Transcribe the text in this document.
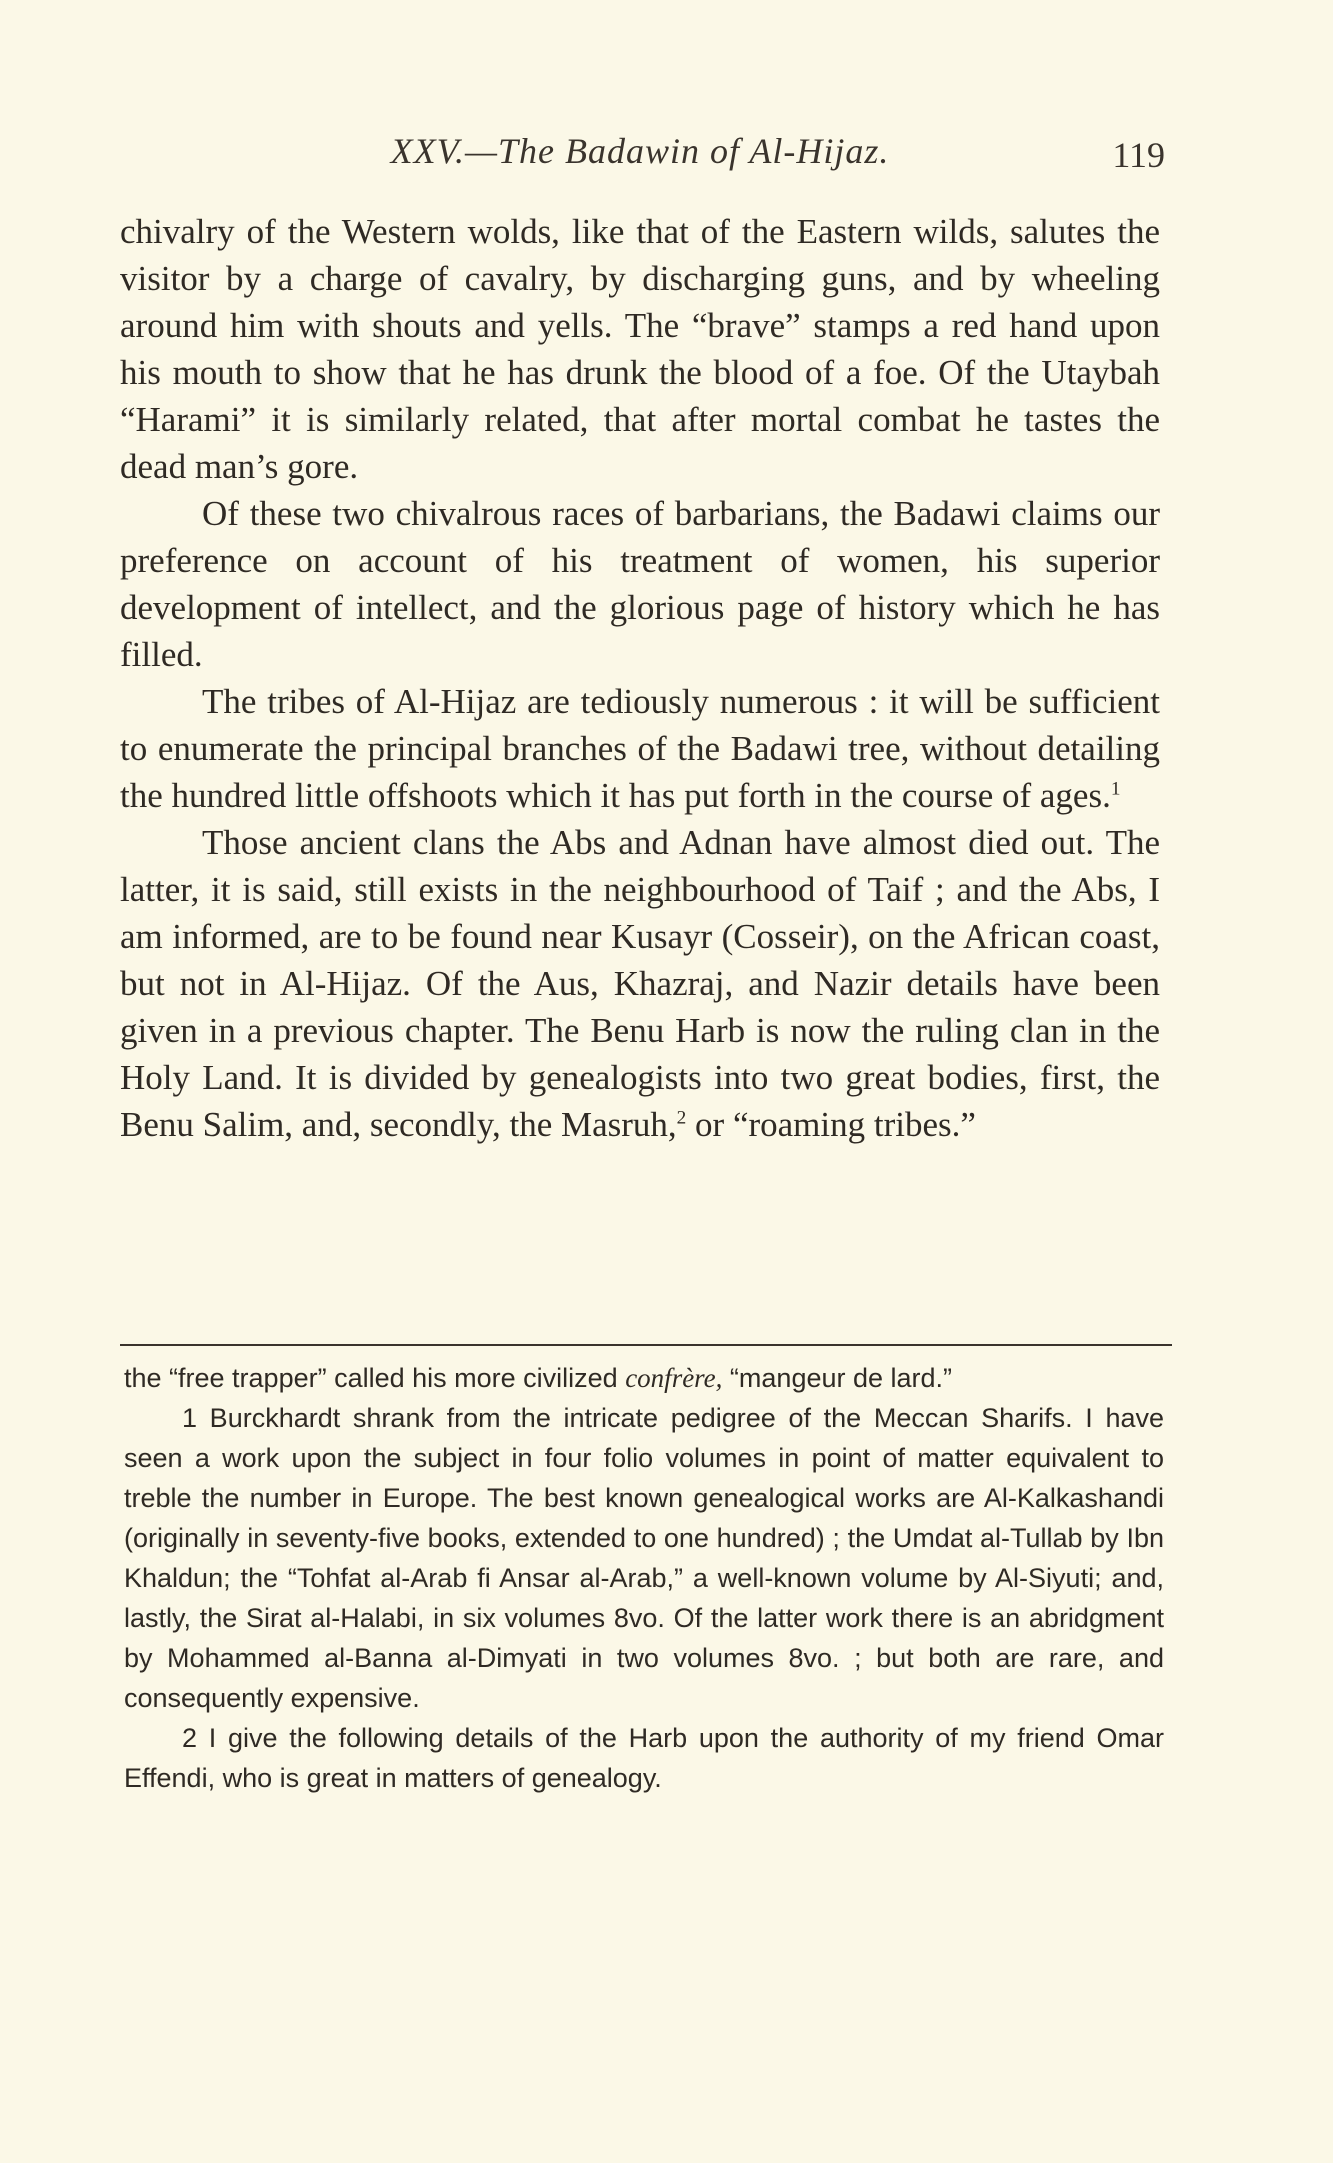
XXV.—The Badawin of Al-Hijaz.	119

chivalry of the Western wolds, like that of the Eastern wilds, salutes the visitor by a charge of cavalry, by discharging guns, and by wheeling around him with shouts and yells. The “brave” stamps a red hand upon his mouth to show that he has drunk the blood of a foe. Of the Utaybah “Harami” it is similarly related, that after mortal combat he tastes the dead man’s gore.

Of these two chivalrous races of barbarians, the Badawi claims our preference on account of his treatment of women, his superior development of intellect, and the glorious page of history which he has filled.

The tribes of Al-Hijaz are tediously numerous : it will be sufficient to enumerate the principal branches of the Badawi tree, without detailing the hundred little offshoots which it has put forth in the course of ages.$^1$

Those ancient clans the Abs and Adnan have almost died out. The latter, it is said, still exists in the neighbourhood of Taif ; and the Abs, I am informed, are to be found near Kusayr (Cosseir), on the African coast, but not in Al-Hijaz. Of the Aus, Khazraj, and Nazir details have been given in a previous chapter. The Benu Harb is now the ruling clan in the Holy Land. It is divided by genealogists into two great bodies, first, the Benu Salim, and, secondly, the Masruh,$^2$ or “roaming tribes.”

the “free trapper” called his more civilized confrère, “mangeur de lard.”

1 Burckhardt shrank from the intricate pedigree of the Meccan Sharifs. I have seen a work upon the subject in four folio volumes in point of matter equivalent to treble the number in Europe. The best known genealogical works are Al-Kalkashandi (originally in seventy-five books, extended to one hundred) ; the Umdat al-Tullab by Ibn Khaldun; the “Tohfat al-Arab fi Ansar al-Arab,” a well-known volume by Al-Siyuti; and, lastly, the Sirat al-Halabi, in six volumes 8vo. Of the latter work there is an abridgment by Mohammed al-Banna al-Dimyati in two volumes 8vo. ; but both are rare, and consequently expensive.

2 I give the following details of the Harb upon the authority of my friend Omar Effendi, who is great in matters of genealogy.
